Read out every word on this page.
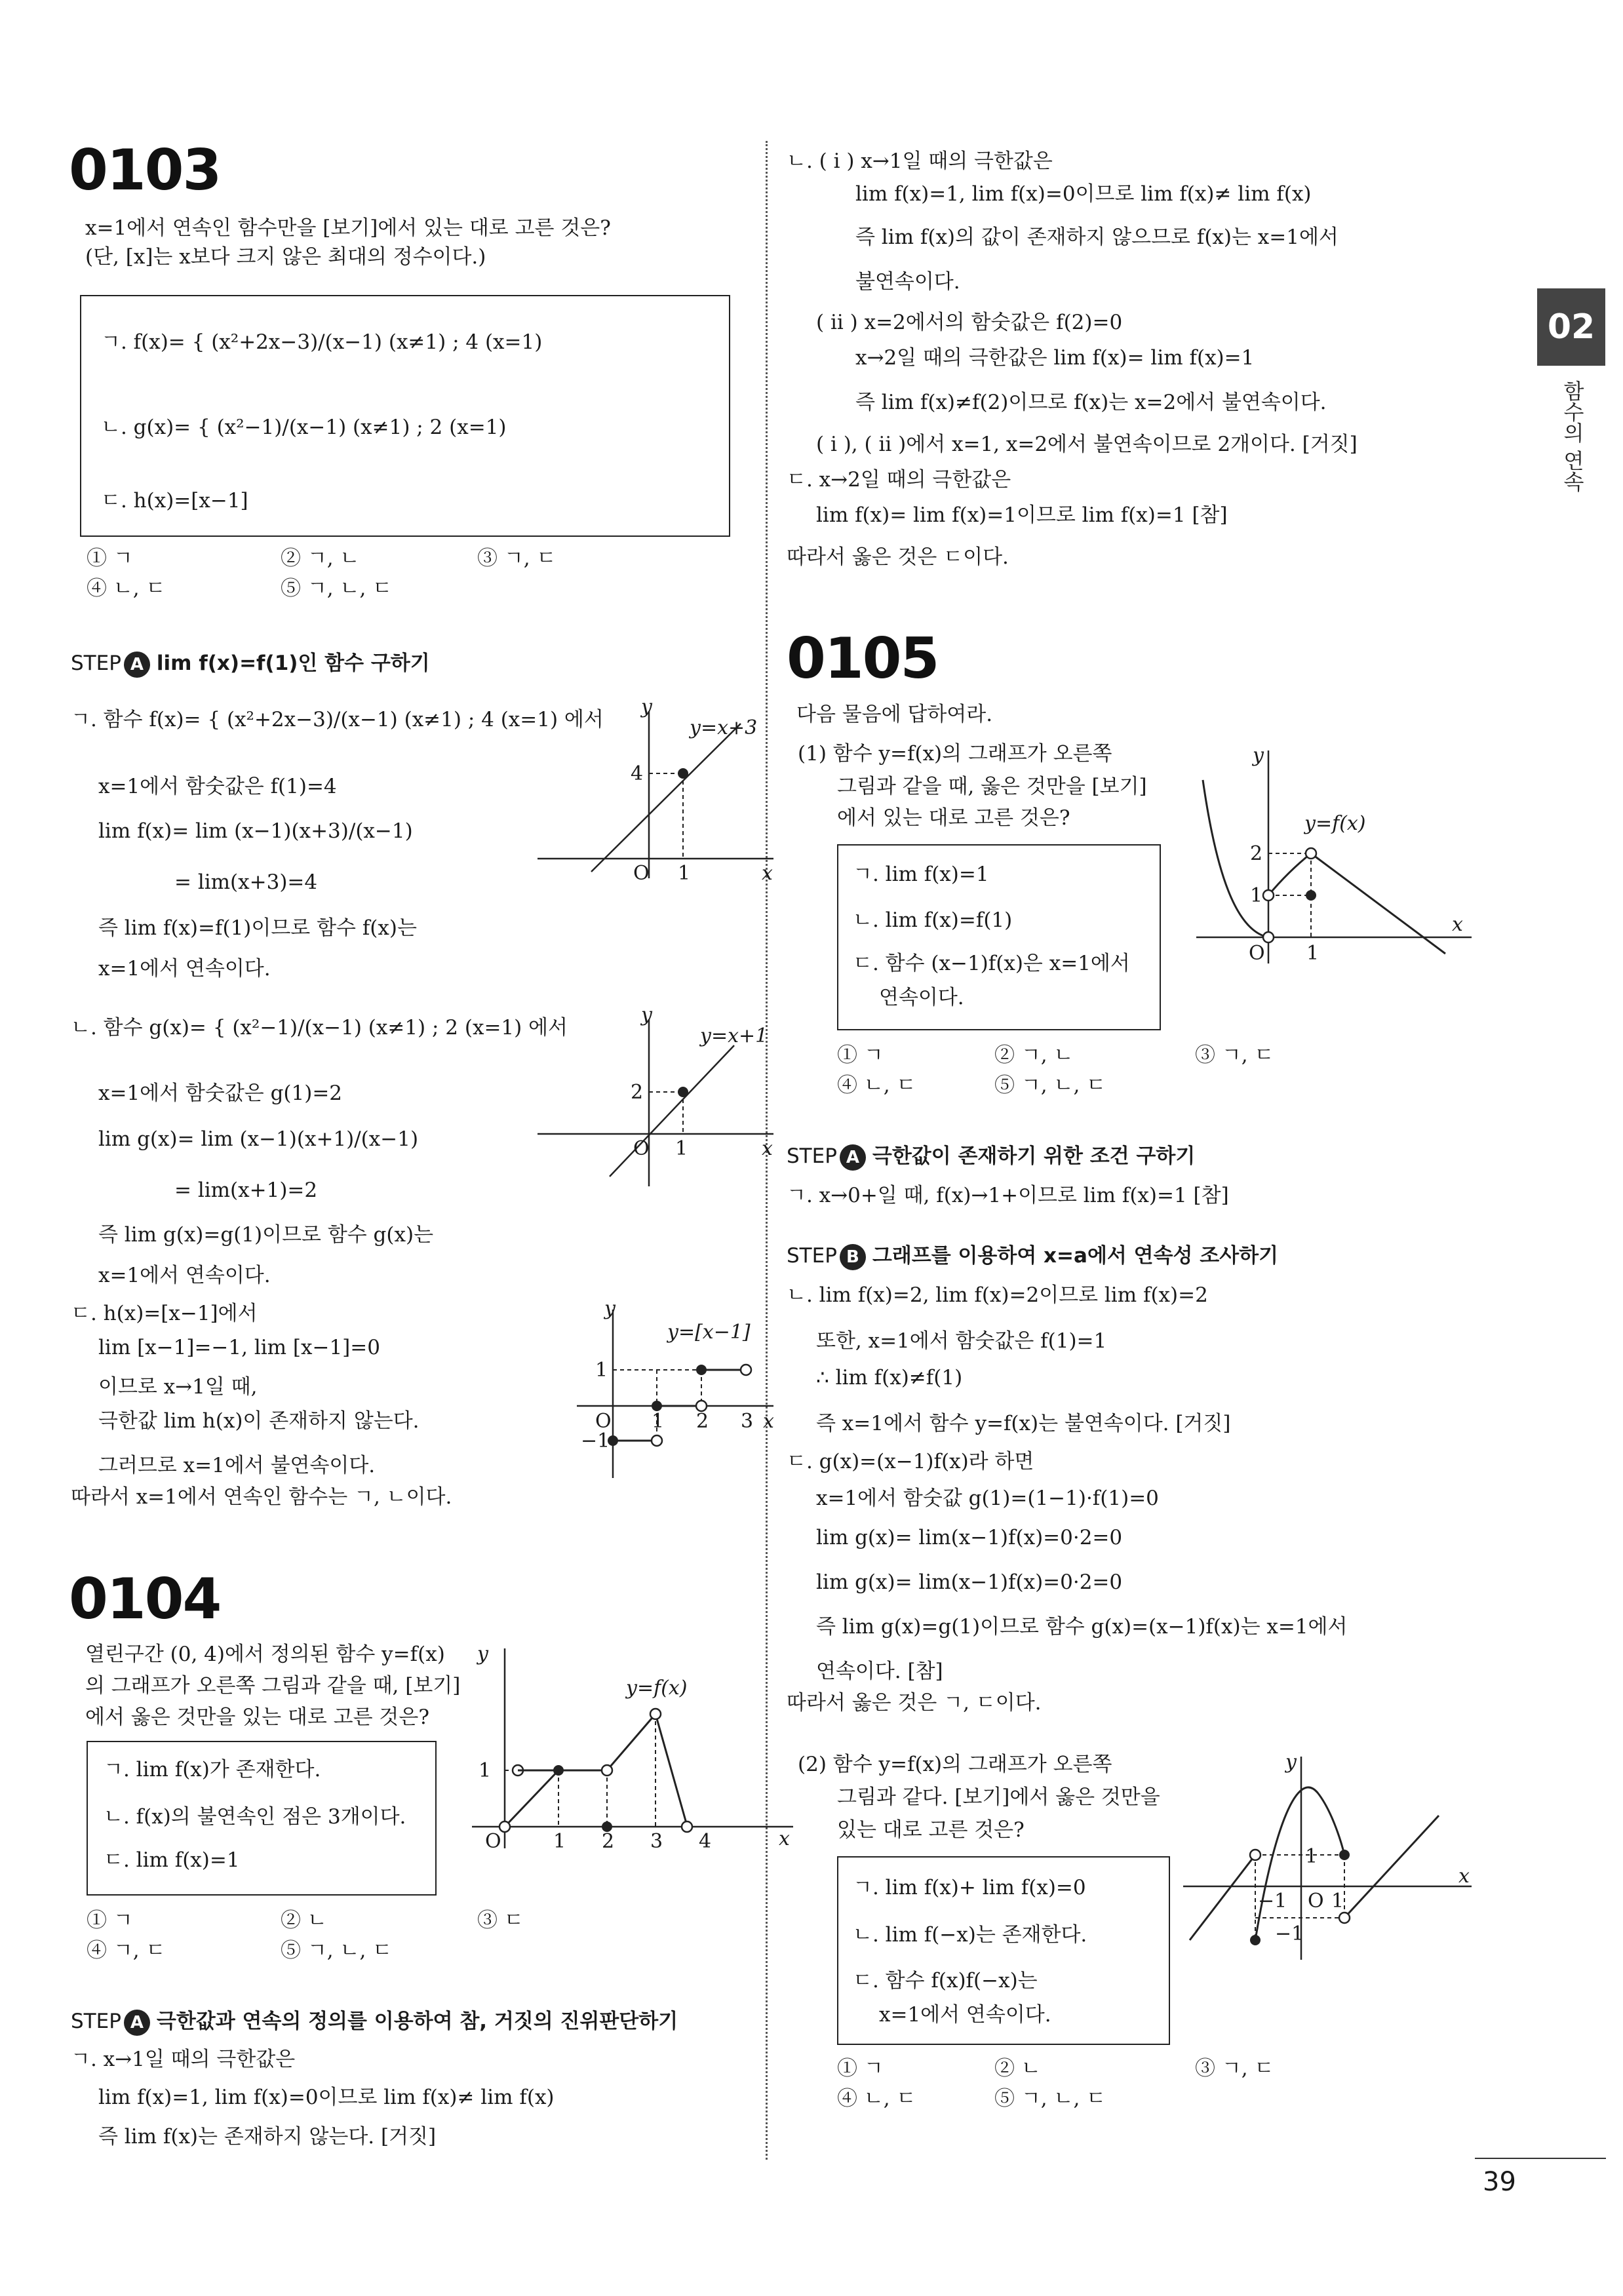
02
함수의 연속
0103
x=1에서 연속인 함수만을 [보기]에서 있는 대로 고른 것은?
(단, [x]는 x보다 크지 않은 최대의 정수이다.)
ㄱ. f(x)= { (x²+2x−3)/(x−1) (x≠1) ; 4 (x=1)
ㄴ. g(x)= { (x²−1)/(x−1) (x≠1) ; 2 (x=1)
ㄷ. h(x)=[x−1]
① ㄱ	② ㄱ, ㄴ	③ ㄱ, ㄷ
④ ㄴ, ㄷ	⑤ ㄱ, ㄴ, ㄷ
STEP A lim f(x)=f(1)인 함수 구하기
ㄱ. 함수 f(x)= { (x²+2x−3)/(x−1) (x≠1) ; 4 (x=1) 에서
x=1에서 함숫값은 f(1)=4
lim f(x)= lim (x−1)(x+3)/(x−1)
= lim(x+3)=4
즉 lim f(x)=f(1)이므로 함수 f(x)는
x=1에서 연속이다.
ㄴ. 함수 g(x)= { (x²−1)/(x−1) (x≠1) ; 2 (x=1) 에서
x=1에서 함숫값은 g(1)=2
lim g(x)= lim (x−1)(x+1)/(x−1)
= lim(x+1)=2
즉 lim g(x)=g(1)이므로 함수 g(x)는
x=1에서 연속이다.
ㄷ. h(x)=[x−1]에서
lim [x−1]=−1, lim [x−1]=0
이므로 x→1일 때,
극한값 lim h(x)이 존재하지 않는다.
그러므로 x=1에서 불연속이다.
따라서 x=1에서 연속인 함수는 ㄱ, ㄴ이다.
y
x
O 1
4
y=x+3
y
x
O 1
2
y=x+1
y
x
O 1 2 3
1
−1
y=[x−1]
0104
열린구간 (0, 4)에서 정의된 함수 y=f(x)
의 그래프가 오른쪽 그림과 같을 때, [보기]
에서 옳은 것만을 있는 대로 고른 것은?
ㄱ. lim f(x)가 존재한다.
ㄴ. f(x)의 불연속인 점은 3개이다.
ㄷ. lim f(x)=1
① ㄱ	② ㄴ	③ ㄷ
④ ㄱ, ㄷ	⑤ ㄱ, ㄴ, ㄷ
STEP A 극한값과 연속의 정의를 이용하여 참, 거짓의 진위판단하기
ㄱ. x→1일 때의 극한값은
lim f(x)=1, lim f(x)=0이므로 lim f(x)≠ lim f(x)
즉 lim f(x)는 존재하지 않는다. [거짓]
y
x
O	1 2 3 4
1
y=f(x)
ㄴ. ( i ) x→1일 때의 극한값은
lim f(x)=1, lim f(x)=0이므로 lim f(x)≠ lim f(x)
즉 lim f(x)의 값이 존재하지 않으므로 f(x)는 x=1에서
불연속이다.
( ii ) x=2에서의 함숫값은 f(2)=0
x→2일 때의 극한값은 lim f(x)= lim f(x)=1
즉 lim f(x)≠f(2)이므로 f(x)는 x=2에서 불연속이다.
( i ), ( ii )에서 x=1, x=2에서 불연속이므로 2개이다. [거짓]
ㄷ. x→2일 때의 극한값은
lim f(x)= lim f(x)=1이므로 lim f(x)=1 [참]
따라서 옳은 것은 ㄷ이다.
0105
다음 물음에 답하여라.
(1) 함수 y=f(x)의 그래프가 오른쪽
그림과 같을 때, 옳은 것만을 [보기]
에서 있는 대로 고른 것은?
ㄱ. lim f(x)=1
ㄴ. lim f(x)=f(1)
ㄷ. 함수 (x−1)f(x)은 x=1에서
연속이다.
① ㄱ	② ㄱ, ㄴ	③ ㄱ, ㄷ
④ ㄴ, ㄷ	⑤ ㄱ, ㄴ, ㄷ
STEP A 극한값이 존재하기 위한 조건 구하기
ㄱ. x→0+일 때, f(x)→1+이므로 lim f(x)=1 [참]
STEP B 그래프를 이용하여 x=a에서 연속성 조사하기
ㄴ. lim f(x)=2, lim f(x)=2이므로 lim f(x)=2
또한, x=1에서 함숫값은 f(1)=1
∴ lim f(x)≠f(1)
즉 x=1에서 함수 y=f(x)는 불연속이다. [거짓]
ㄷ. g(x)=(x−1)f(x)라 하면
x=1에서 함숫값 g(1)=(1−1)·f(1)=0
lim g(x)= lim(x−1)f(x)=0·2=0
lim g(x)= lim(x−1)f(x)=0·2=0
즉 lim g(x)=g(1)이므로 함수 g(x)=(x−1)f(x)는 x=1에서
연속이다. [참]
따라서 옳은 것은 ㄱ, ㄷ이다.
(2) 함수 y=f(x)의 그래프가 오른쪽
그림과 같다. [보기]에서 옳은 것만을
있는 대로 고른 것은?
ㄱ. lim f(x)+ lim f(x)=0
ㄴ. lim f(−x)는 존재한다.
ㄷ. 함수 f(x)f(−x)는
x=1에서 연속이다.
① ㄱ	② ㄴ	③ ㄱ, ㄷ
④ ㄴ, ㄷ	⑤ ㄱ, ㄴ, ㄷ
y
x
O 1
2
1
y=f(x)
y
x
O
−1 1
1
−1
39
